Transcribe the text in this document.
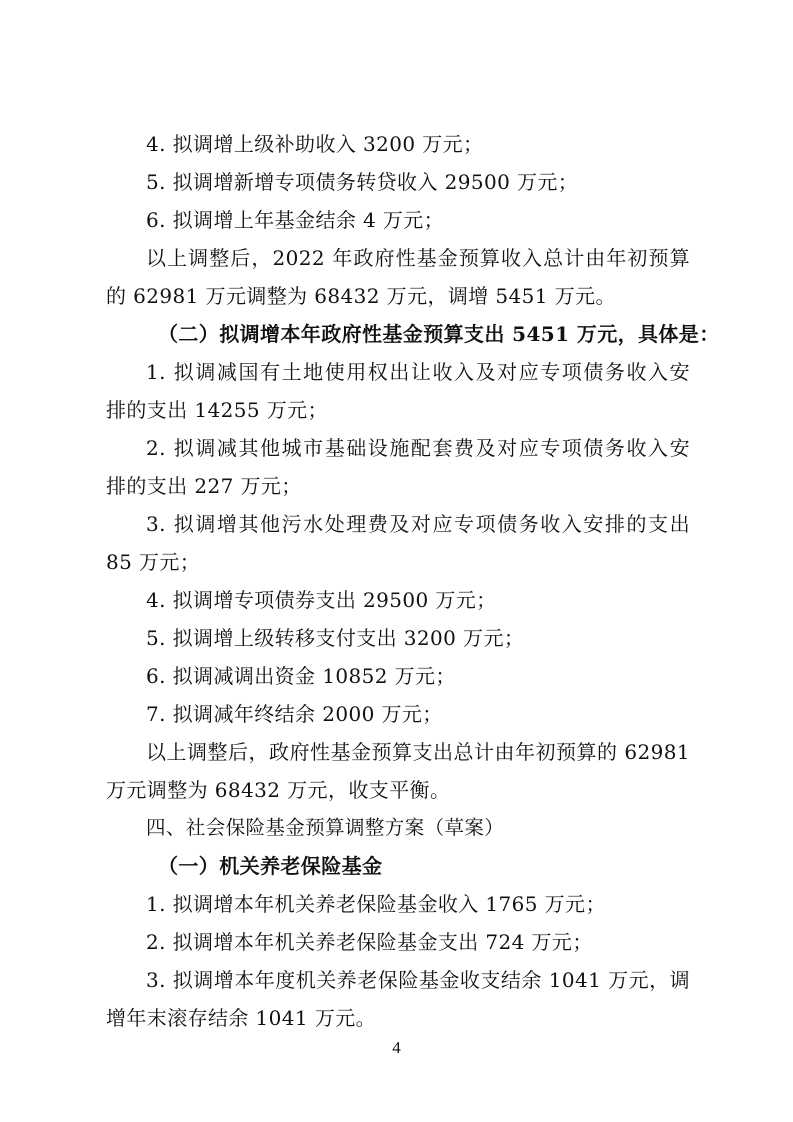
4. 拟调增上级补助收入 3200 万元；
5. 拟调增新增专项债务转贷收入 29500 万元；
6. 拟调增上年基金结余 4 万元；
以上调整后，2022 年政府性基金预算收入总计由年初预算
的 62981 万元调整为 68432 万元，调增 5451 万元。
（二）拟调增本年政府性基金预算支出 5451 万元，具体是：
1. 拟调减国有土地使用权出让收入及对应专项债务收入安
排的支出 14255 万元；
2. 拟调减其他城市基础设施配套费及对应专项债务收入安
排的支出 227 万元；
3. 拟调增其他污水处理费及对应专项债务收入安排的支出
85 万元；
4. 拟调增专项债券支出 29500 万元；
5. 拟调增上级转移支付支出 3200 万元；
6. 拟调减调出资金 10852 万元；
7. 拟调减年终结余 2000 万元；
以上调整后，政府性基金预算支出总计由年初预算的 62981
万元调整为 68432 万元，收支平衡。
四、社会保险基金预算调整方案（草案）
（一）机关养老保险基金
1. 拟调增本年机关养老保险基金收入 1765 万元；
2. 拟调增本年机关养老保险基金支出 724 万元；
3. 拟调增本年度机关养老保险基金收支结余 1041 万元，调
增年末滚存结余 1041 万元。
4
